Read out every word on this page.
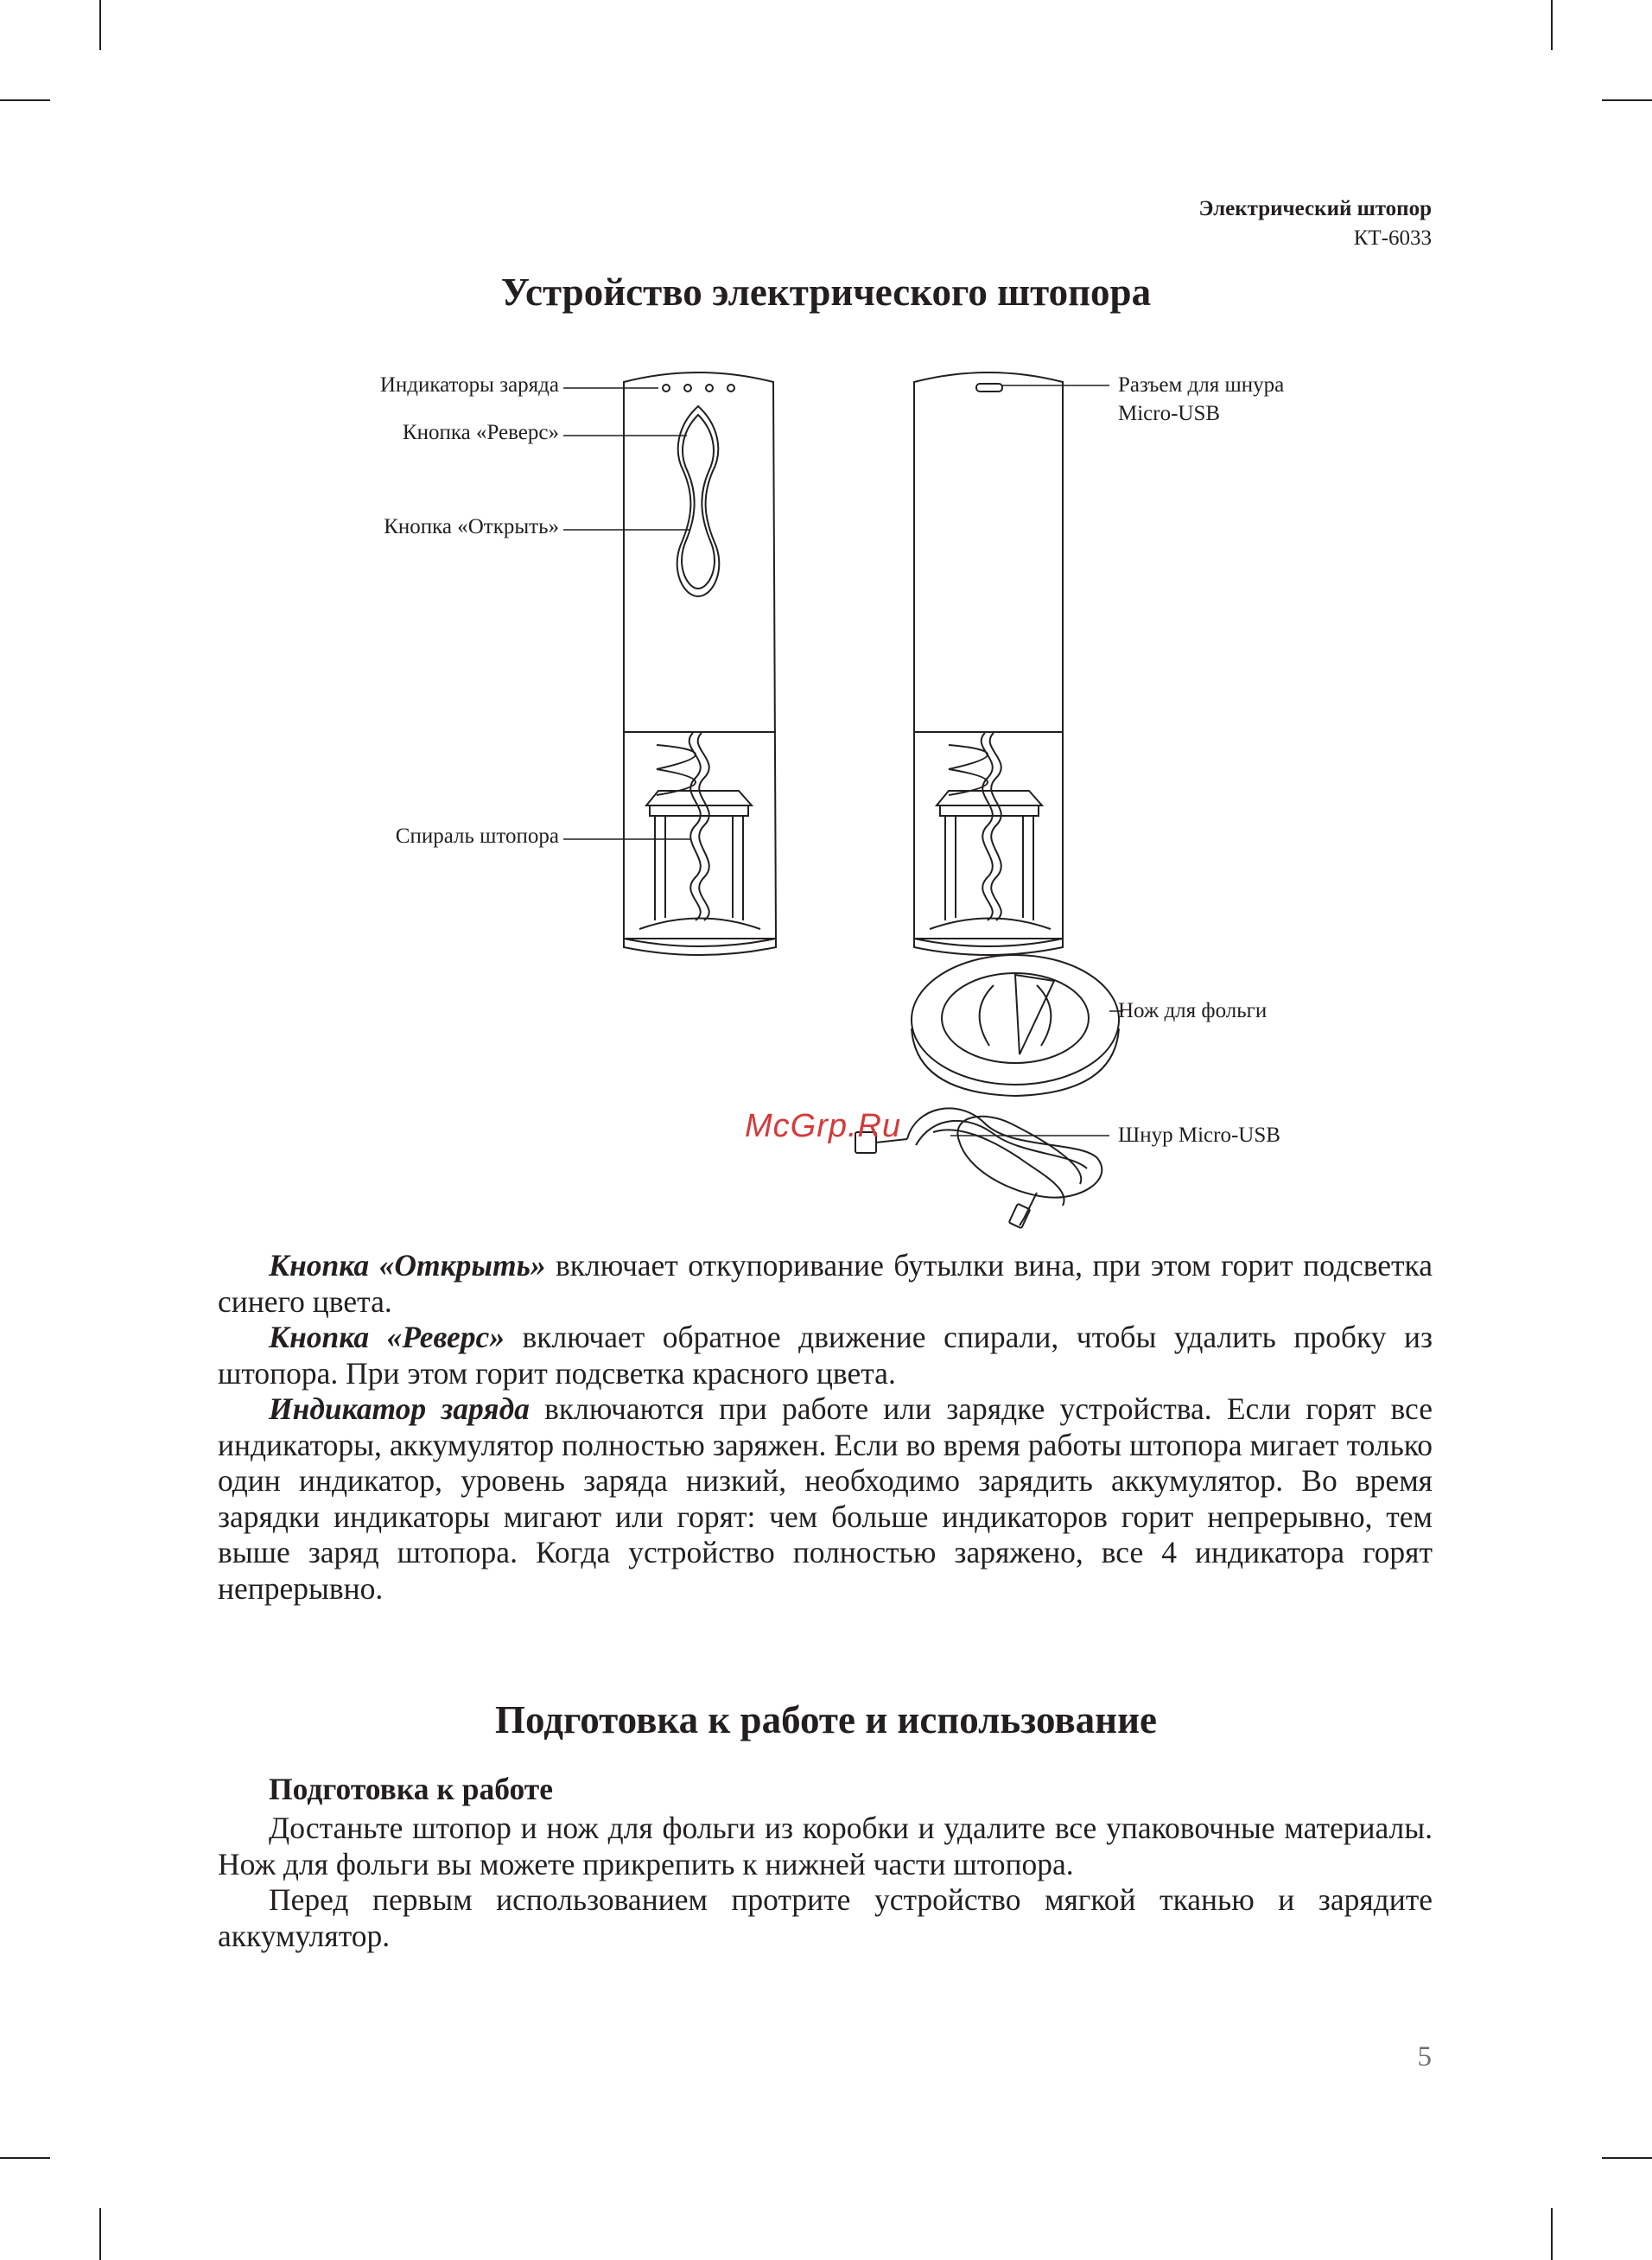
Электрический штопор
КТ-6033
Устройство электрического штопора
Индикаторы заряда
Кнопка «Реверс»
Кнопка «Открыть»
Спираль штопора
Разъем для шнура
Micro-USB
Нож для фольги
Шнур Micro-USB
McGrp.Ru

Кнопка «Открыть» включает откупоривание бутылки вина, при этом горит подсветка синего цвета.

Кнопка «Реверс» включает обратное движение спирали, чтобы удалить пробку из штопора. При этом горит подсветка красного цвета.

Индикатор заряда включаются при работе или зарядке устройства. Если горят все индикаторы, аккумулятор полностью заряжен. Если во время работы штопора мигает только один индикатор, уровень заряда низкий, необходимо зарядить аккумулятор. Во время зарядки индикаторы мигают или горят: чем больше индикаторов горит непрерывно, тем выше заряд штопора. Когда устройство полностью заряжено, все 4 индикатора горят непрерывно.

Подготовка к работе и использование
Подготовка к работе

Достаньте штопор и нож для фольги из коробки и удалите все упаковочные материалы. Нож для фольги вы можете прикрепить к нижней части штопора.

Перед первым использованием протрите устройство мягкой тканью и зарядите аккумулятор.

5
